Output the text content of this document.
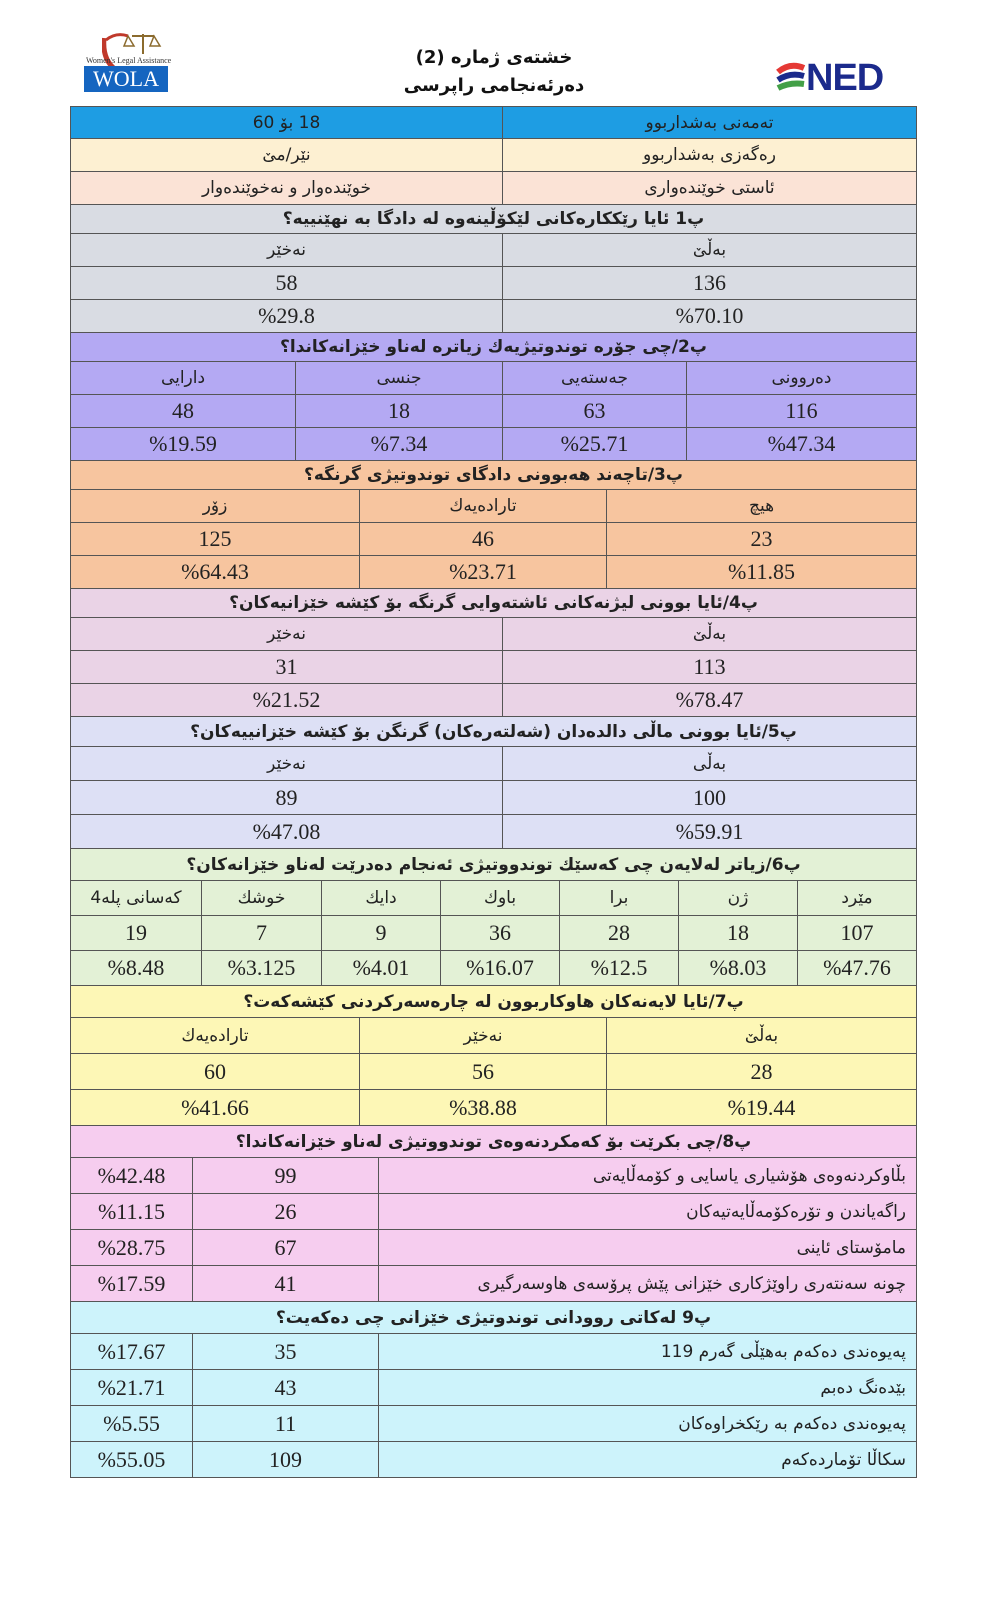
Women's Legal Assistance
WOLA
خشتەی ژمارە (2)
دەرئەنجامی راپرسی	NED
تەمەنی بەشداربوو
18 بۆ 60
رەگەزی بەشداربوو
نێر/مێ
ئاستی خوێندەواری
خوێندەوار و نەخوێندەوار
پ1 ئایا رێککارەکانی لێکۆڵینەوە لە دادگا بە نهێنییە؟
بەڵێ
نەخێر
136
58
%70.10
%29.8
پ2/چی جۆرە توندوتیژیەك زیاترە لەناو خێزانەکاندا؟
دەروونی
جەستەیی
جنسی
دارایی
116
63
18
48
%47.34
%25.71
%7.34
%19.59
پ3/تاچەند هەبوونی دادگای توندوتیژی گرنگە؟
هیچ
تارادەیەك
زۆر
23
46
125
%11.85
%23.71
%64.43
پ4/ئایا بوونی لیژنەکانی ئاشتەوایی گرنگە بۆ کێشە خێزانیەکان؟
بەڵێ
نەخێر
113
31
%78.47
%21.52
پ5/ئایا بوونی ماڵی دالدەدان (شەلتەرەکان) گرنگن بۆ کێشە خێزانییەکان؟
بەڵی
نەخێر
100
89
%59.91
%47.08
پ6/زیاتر لەلایەن چی کەسێك توندووتیژی ئەنجام دەدرێت لەناو خێزانەکان؟
مێرد
ژن
برا
باوك
دایك
خوشك
کەسانی پلە4
107
18
28
36
9
7
19
%47.76
%8.03
%12.5
%16.07
%4.01
%3.125
%8.48
پ7/ئایا لایەنەکان هاوکاربوون لە چارەسەرکردنی کێشەکەت؟
بەڵێ
نەخێر
تارادەیەك
28
56
60
%19.44
%38.88
%41.66
پ8/چی بکرێت بۆ کەمکردنەوەی توندووتیژی لەناو خێزانەکاندا؟
بڵاوکردنەوەی هۆشیاری یاسایی و کۆمەڵایەتی
99
%42.48
راگەیاندن و تۆرەکۆمەڵایەتیەکان
26
%11.15
مامۆستای ئاینی
67
%28.75
چونە سەنتەری راوێژکاری خێزانی پێش پرۆسەی هاوسەرگیری
41
%17.59
پ9 لەکاتی روودانی توندوتیژی خێزانی چی دەکەیت؟
پەیوەندی دەکەم بەهێڵی گەرم 119
35
%17.67
بێدەنگ دەبم
43
%21.71
پەیوەندی دەکەم بە رێکخراوەکان
11
%5.55
سکاڵا تۆماردەکەم
109
%55.05
